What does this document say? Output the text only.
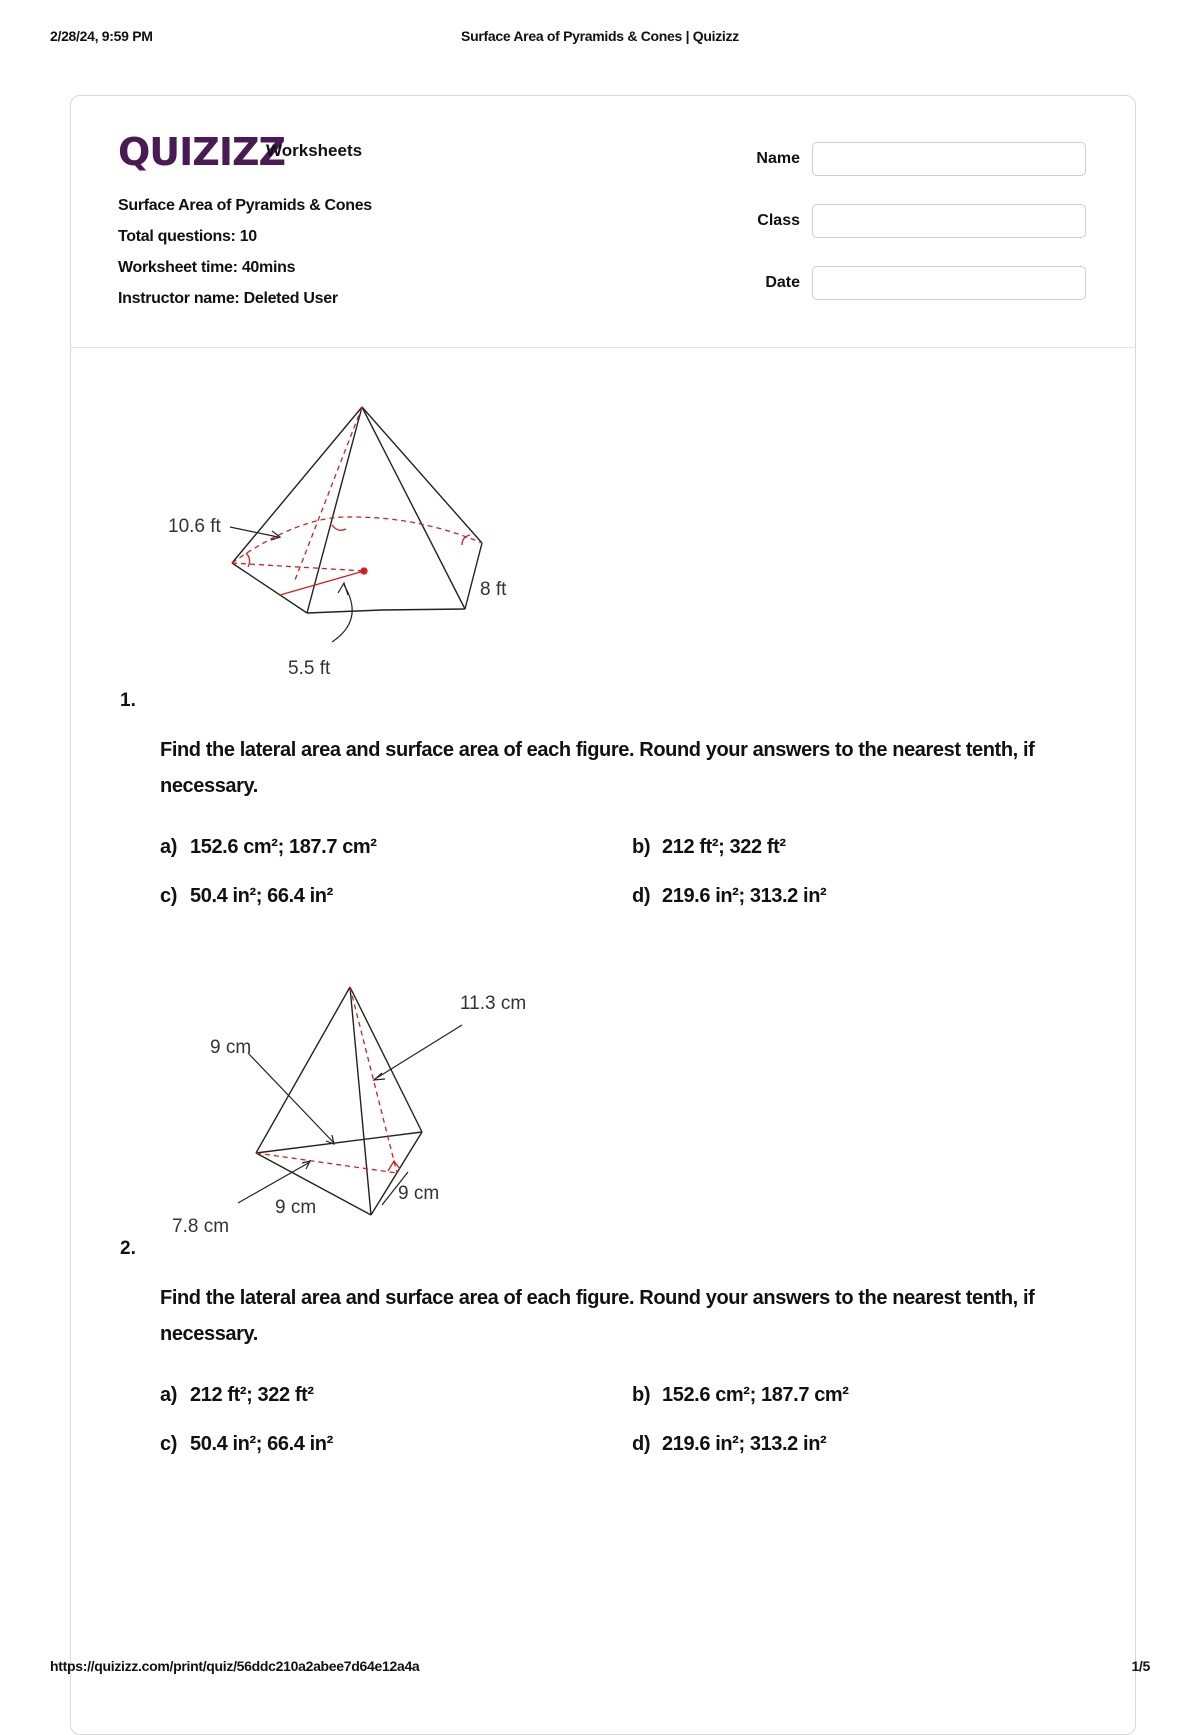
2/28/24, 9:59 PM	Surface Area of Pyramids & Cones | Quizizz
QUIZIZZ
Worksheets
Surface Area of Pyramids & Cones
Total questions: 10
Worksheet time: 40mins
Instructor name: Deleted User
Name
Class
Date
10.6 ft
8 ft
5.5 ft
1.
Find the lateral area and surface area of each figure. Round your answers to the nearest tenth, if necessary.
a) 152.6 cm²; 187.7 cm²	b) 212 ft²; 322 ft²
c) 50.4 in²; 66.4 in²	d) 219.6 in²; 313.2 in²
11.3 cm
9 cm
9 cm
9 cm
7.8 cm
2.
Find the lateral area and surface area of each figure. Round your answers to the nearest tenth, if necessary.
a) 212 ft²; 322 ft²	b) 152.6 cm²; 187.7 cm²
c) 50.4 in²; 66.4 in²	d) 219.6 in²; 313.2 in²
https://quizizz.com/print/quiz/56ddc210a2abee7d64e12a4a	1/5
